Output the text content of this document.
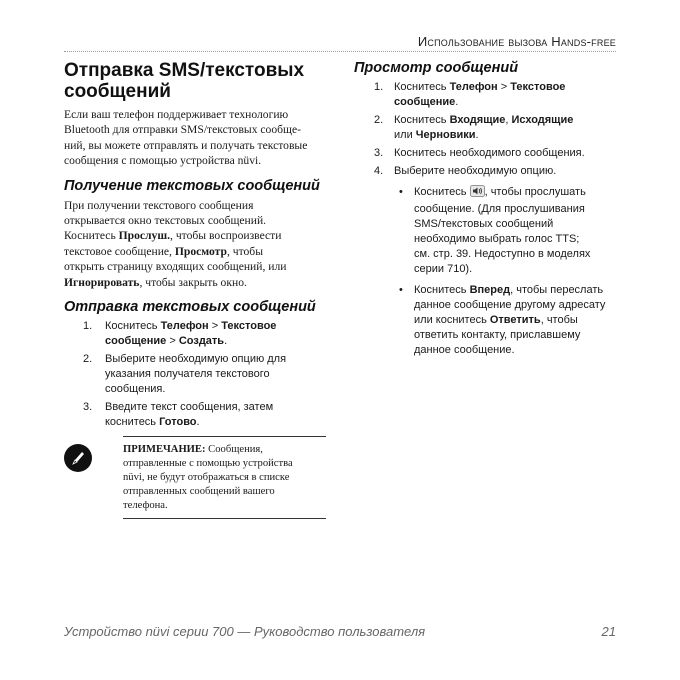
Использование вызова Hands-free
Отправка SMS/текстовых
сообщений

Если ваш телефон поддерживает технологию
Bluetooth для отправки SMS/текстовых сообще-
ний, вы можете отправлять и получать текстовые
сообщения с помощью устройства nüvi.

Получение текстовых сообщений

При получении текстового сообщения
открывается окно текстовых сообщений.
Коснитесь Прослуш., чтобы воспроизвести
текстовое сообщение, Просмотр, чтобы
открыть страницу входящих сообщений, или
Игнорировать, чтобы закрыть окно.

Отправка текстовых сообщений
1. Коснитесь Телефон > Текстовое
сообщение > Создать.
2. Выберите необходимую опцию для
указания получателя текстового
сообщения.
3. Введите текст сообщения, затем
коснитесь Готово.
ПРИМЕЧАНИЕ: Сообщения,
отправленные с помощью устройства
nüvi, не будут отображаться в списке
отправленных сообщений вашего
телефона.
Просмотр сообщений
1. Коснитесь Телефон > Текстовое
сообщение.
2. Коснитесь Входящие, Исходящие
или Черновики.
3. Коснитесь необходимого сообщения.
4. Выберите необходимую опцию.
• Коснитесь , чтобы прослушать
сообщение. (Для прослушивания
SMS/текстовых сообщений
необходимо выбрать голос TTS;
см. стр. 39. Недоступно в моделях
серии 710).
• Коснитесь Вперед, чтобы переслать
данное сообщение другому адресату
или коснитесь Ответить, чтобы
ответить контакту, приславшему
данное сообщение.
Устройство nüvi серии 700 — Руководство пользователя	21
